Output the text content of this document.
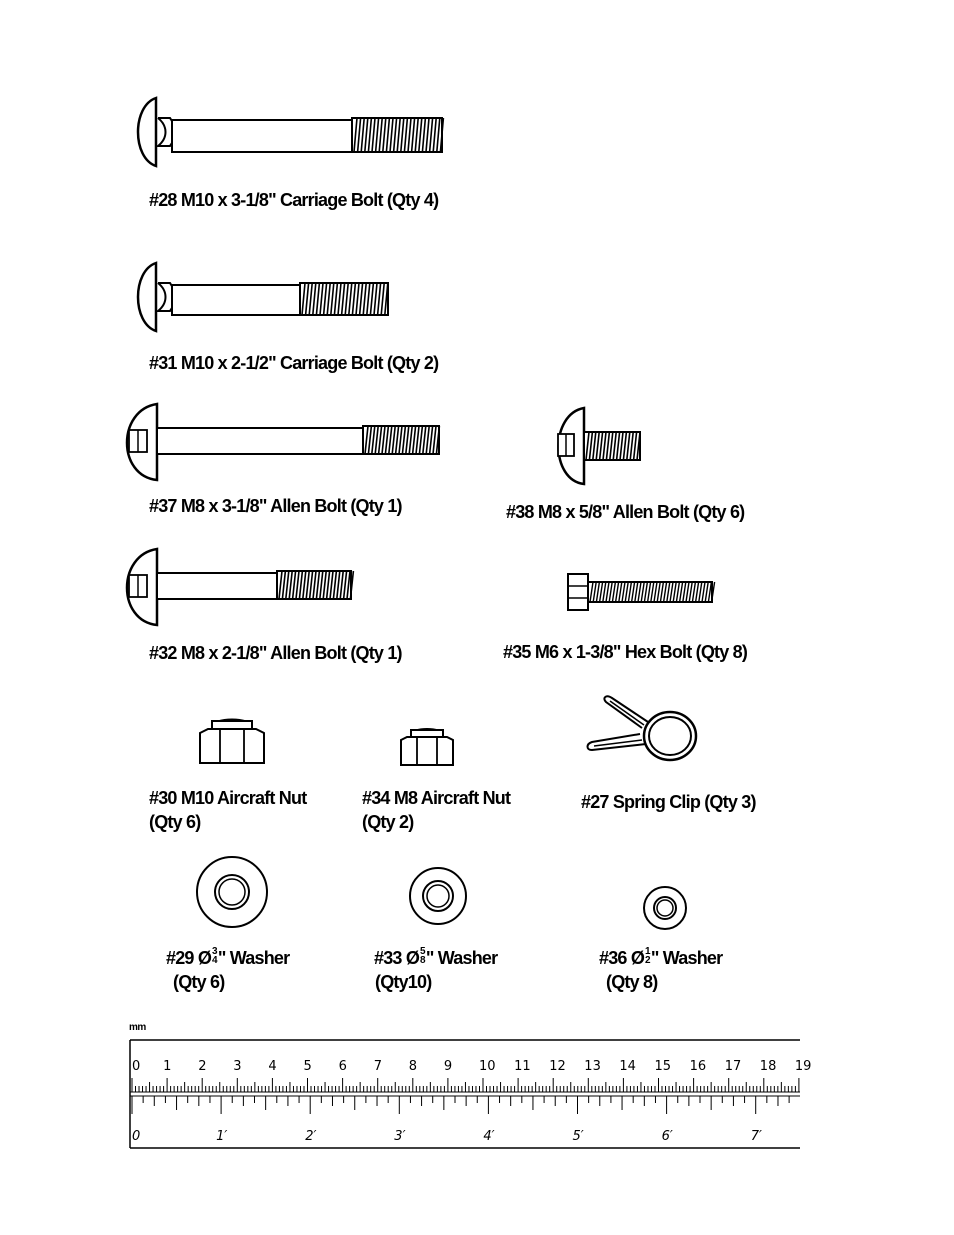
#28 M10 x 3-1/8" Carriage Bolt (Qty 4)
#31 M10 x 2-1/2" Carriage Bolt (Qty 2)
#37 M8 x 3-1/8" Allen Bolt (Qty 1)	#38 M8 x 5/8" Allen Bolt (Qty 6)
#32 M8 x 2-1/8" Allen Bolt (Qty 1)	#35 M6 x 1-3/8" Hex Bolt (Qty 8)
#30 M10 Aircraft Nut
(Qty 6)
#34 M8 Aircraft Nut
(Qty 2)
#27 Spring Clip (Qty 3)
#29 Ø 3
4 " Washer
(Qty 6)
#33 Ø 5
8 " Washer
(Qty10)
#36 Ø 1
2 " Washer
(Qty 8)
mm
0 1 2 3 4 5 6 7 8 9 10 11 12 13 14 15 16 17 18 19
0	1′	2′	3′	4′	5′	6′	7′
